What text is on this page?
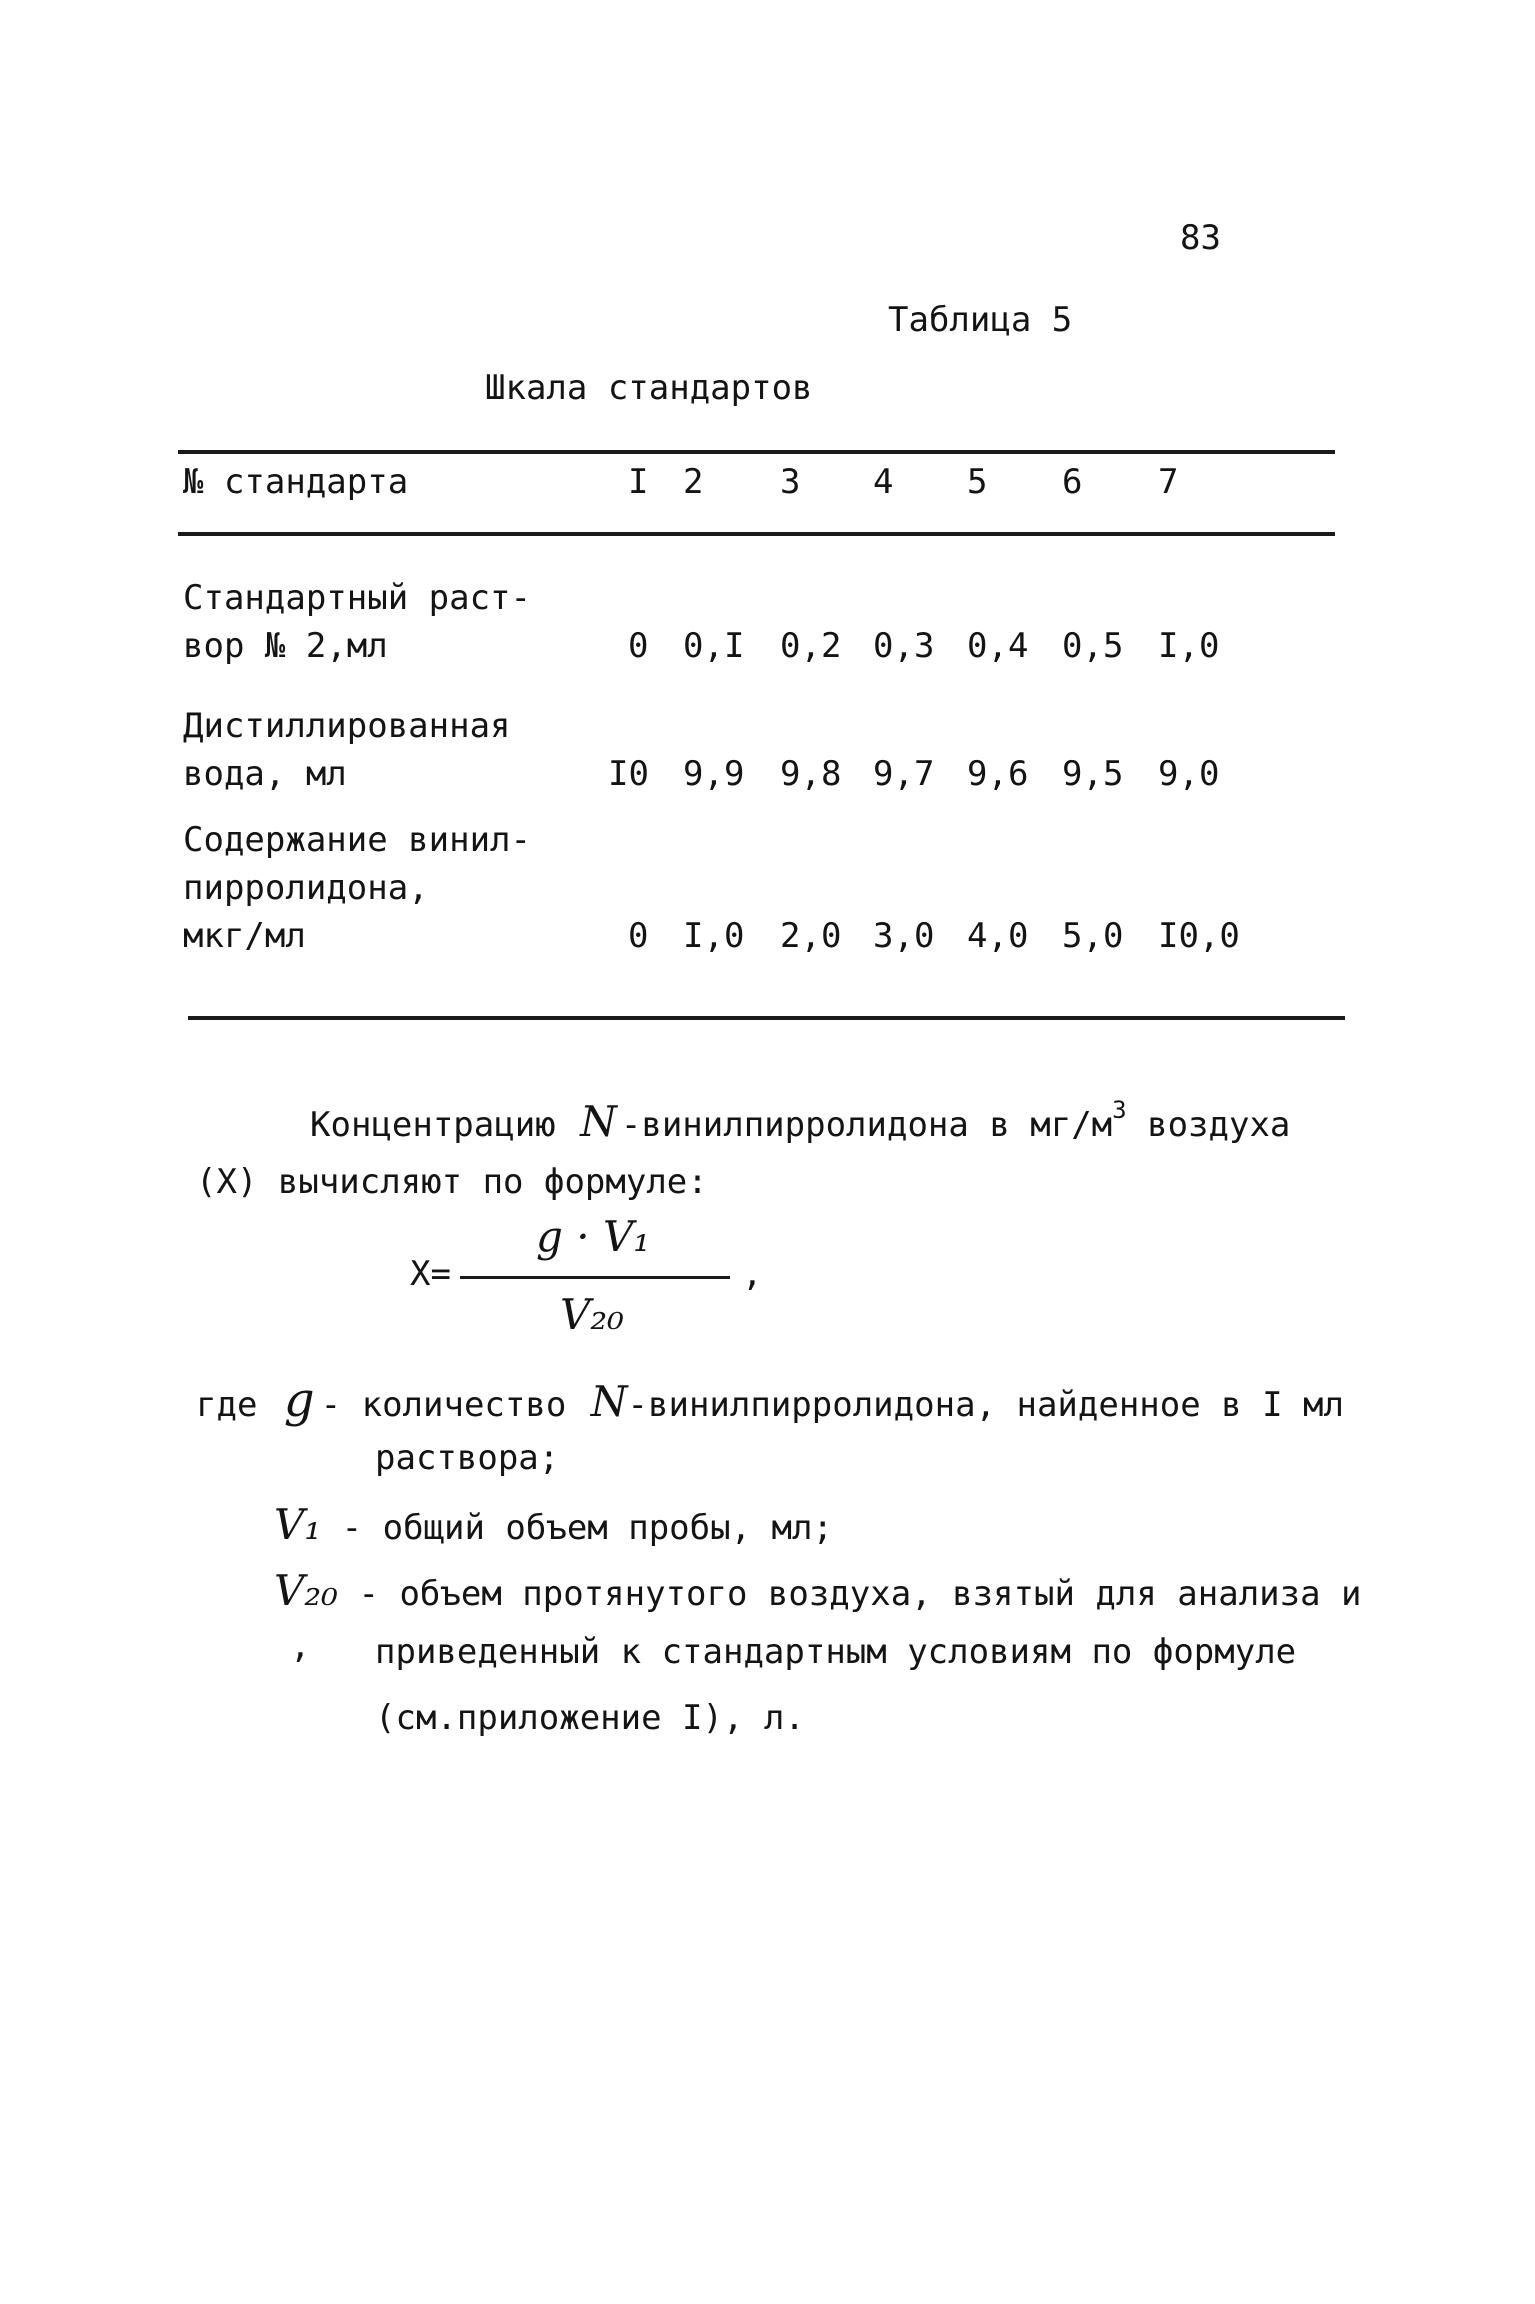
83
Таблица 5
Шкала стандартов
№ стандарта	I 2 3 4 5 6 7
Стандартный раст-
вор № 2,мл	0 0,I 0,2 0,3 0,4 0,5 I,0
Дистиллированная
вода, мл	I0 9,9 9,8 9,7 9,6 9,5 9,0
Содержание винил-
пирролидона,
мкг/мл	0 I,0 2,0 3,0 4,0 5,0 I0,0
Концентрацию N -винилпирролидона в $мг/м^3$ воздуха
(X) вычисляют по формуле:
X=
g · V₁
,
V₂₀
где g - количество N-винилпирролидона, найденное в I мл
раствора;
V₁ - общий объем пробы, мл;
V₂₀ - объем протянутого воздуха, взятый для анализа и
, приведенный к стандартным условиям по формуле
(см.приложение I), л.
